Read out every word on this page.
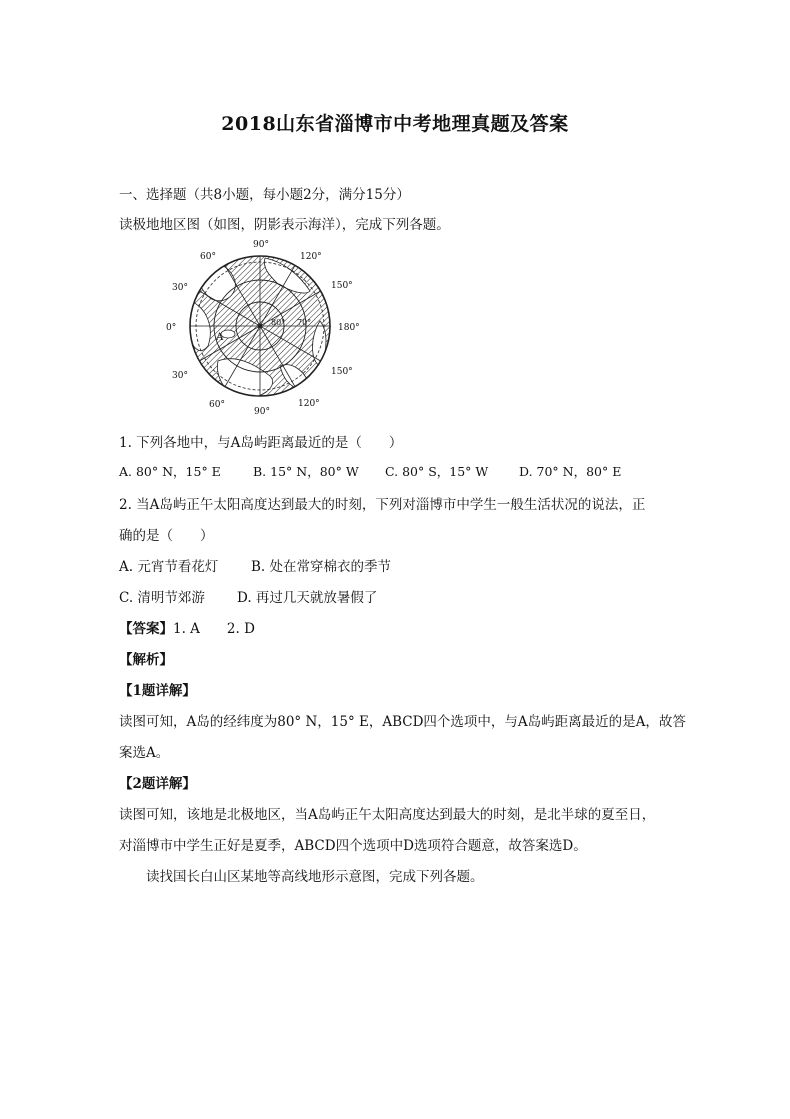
2018山东省淄博市中考地理真题及答案
一、选择题（共8小题，每小题2分，满分15分）
读极地地区图（如图，阴影表示海洋），完成下列各题。
90°
60°
30°
0°
30°
60°
90°
120°
150°
180°
150°
120°
80° 70°
A
1. 下列各地中，与A岛屿距离最近的是（　　）
A. 80° N，15° E	B. 15° N，80° W C. 80° S，15° W D. 70° N，80° E
2. 当A岛屿正午太阳高度达到最大的时刻，下列对淄博市中学生一般生活状况的说法，正
确的是（　　）
A. 元宵节看花灯 B. 处在常穿棉衣的季节
C. 清明节郊游 D. 再过几天就放暑假了
【答案】1. A　　2. D
【解析】
【1题详解】
读图可知，A岛的经纬度为80° N，15° E，ABCD四个选项中，与A岛屿距离最近的是A，故答
案选A。
【2题详解】
读图可知，该地是北极地区，当A岛屿正午太阳高度达到最大的时刻，是北半球的夏至日，
对淄博市中学生正好是夏季，ABCD四个选项中D选项符合题意，故答案选D。
读找国长白山区某地等高线地形示意图，完成下列各题。
